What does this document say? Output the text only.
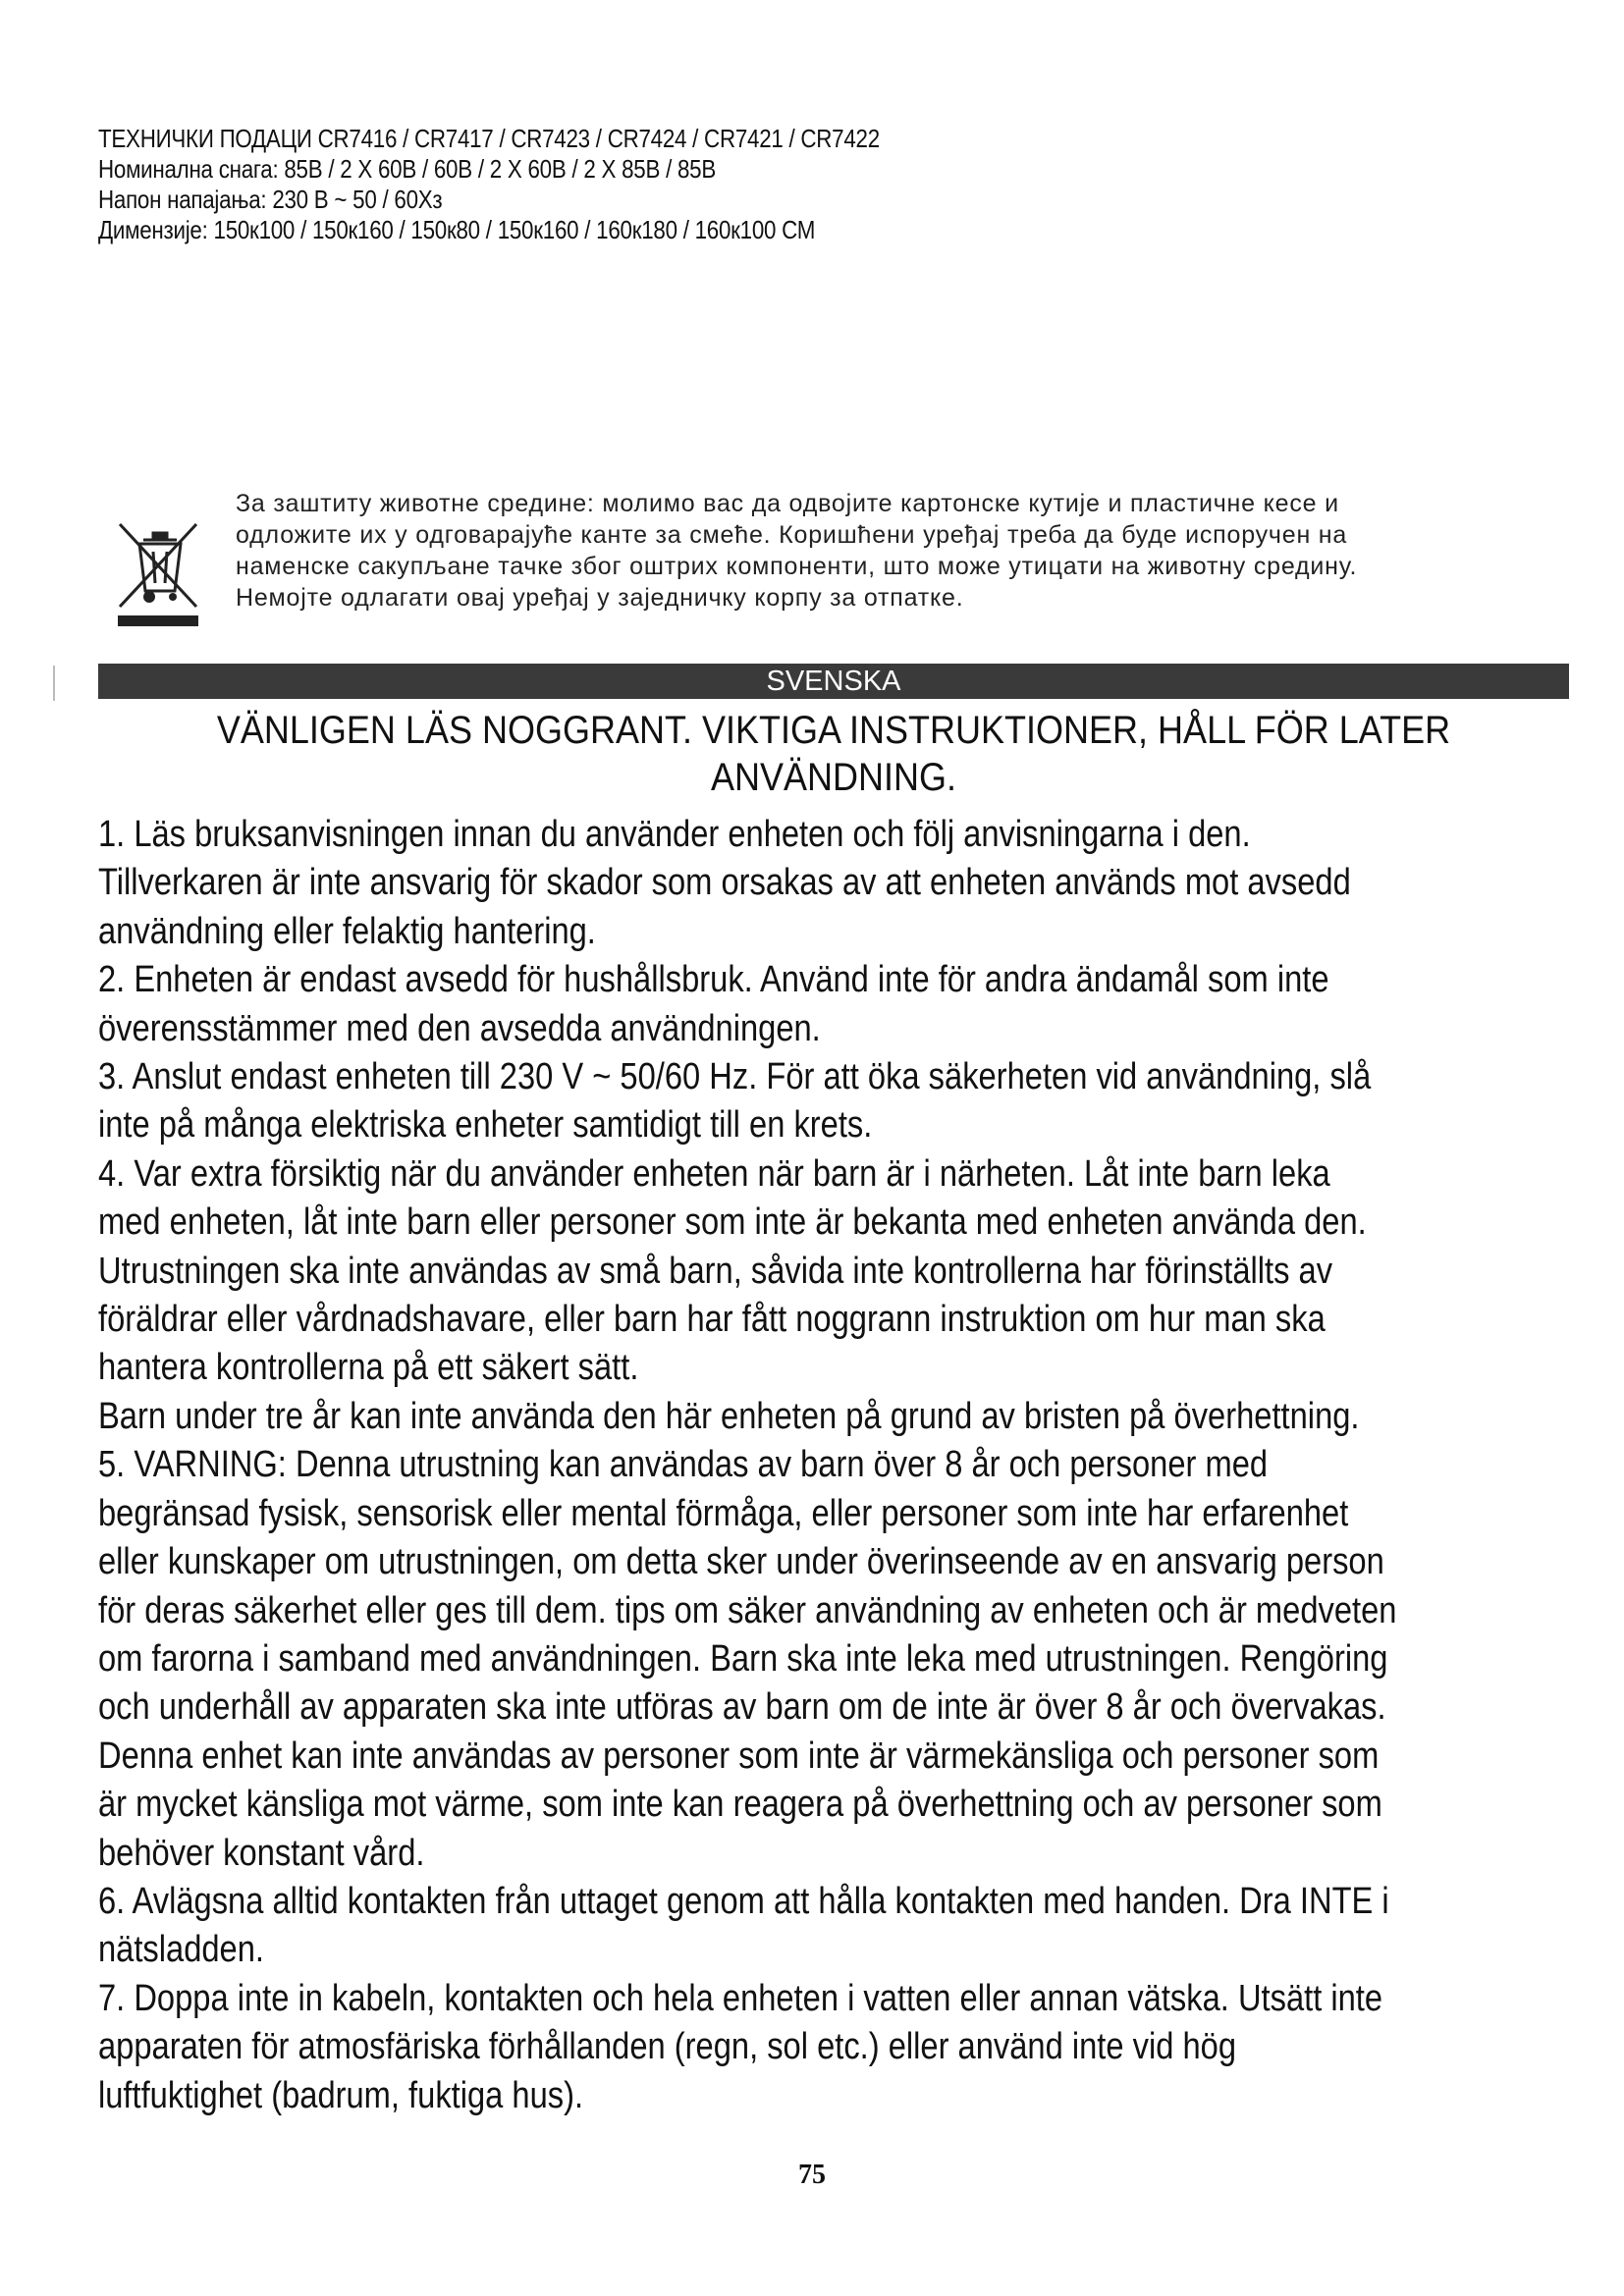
ТЕХНИЧКИ ПОДАЦИ CR7416 / CR7417 / CR7423 / CR7424 / CR7421 / CR7422
Номинална снага: 85В / 2 X 60В / 60В / 2 X 60В / 2 X 85В / 85В
Напон напајања: 230 В ~ 50 / 60Хз
Димензије: 150к100 / 150к160 / 150к80 / 150к160 / 160к180 / 160к100 СМ
За заштиту животне средине: молимо вас да одвојите картонске кутије и пластичне кесе и
одложите их у одговарајуће канте за смеће. Коришћени уређај треба да буде испоручен на
наменске сакупљане тачке због оштрих компоненти, што може утицати на животну средину.
Немојте одлагати овај уређај у заједничку корпу за отпатке.
SVENSKA
VÄNLIGEN LÄS NOGGRANT. VIKTIGA INSTRUKTIONER, HÅLL FÖR LATER
ANVÄNDNING.
1. Läs bruksanvisningen innan du använder enheten och följ anvisningarna i den.
Tillverkaren är inte ansvarig för skador som orsakas av att enheten används mot avsedd
användning eller felaktig hantering.
2. Enheten är endast avsedd för hushållsbruk. Använd inte för andra ändamål som inte
överensstämmer med den avsedda användningen.
3. Anslut endast enheten till 230 V ~ 50/60 Hz. För att öka säkerheten vid användning, slå
inte på många elektriska enheter samtidigt till en krets.
4. Var extra försiktig när du använder enheten när barn är i närheten. Låt inte barn leka
med enheten, låt inte barn eller personer som inte är bekanta med enheten använda den.
Utrustningen ska inte användas av små barn, såvida inte kontrollerna har förinställts av
föräldrar eller vårdnadshavare, eller barn har fått noggrann instruktion om hur man ska
hantera kontrollerna på ett säkert sätt.
Barn under tre år kan inte använda den här enheten på grund av bristen på överhettning.
5. VARNING: Denna utrustning kan användas av barn över 8 år och personer med
begränsad fysisk, sensorisk eller mental förmåga, eller personer som inte har erfarenhet
eller kunskaper om utrustningen, om detta sker under överinseende av en ansvarig person
för deras säkerhet eller ges till dem. tips om säker användning av enheten och är medveten
om farorna i samband med användningen. Barn ska inte leka med utrustningen. Rengöring
och underhåll av apparaten ska inte utföras av barn om de inte är över 8 år och övervakas.
Denna enhet kan inte användas av personer som inte är värmekänsliga och personer som
är mycket känsliga mot värme, som inte kan reagera på överhettning och av personer som
behöver konstant vård.
6. Avlägsna alltid kontakten från uttaget genom att hålla kontakten med handen. Dra INTE i
nätsladden.
7. Doppa inte in kabeln, kontakten och hela enheten i vatten eller annan vätska. Utsätt inte
apparaten för atmosfäriska förhållanden (regn, sol etc.) eller använd inte vid hög
luftfuktighet (badrum, fuktiga hus).
75
